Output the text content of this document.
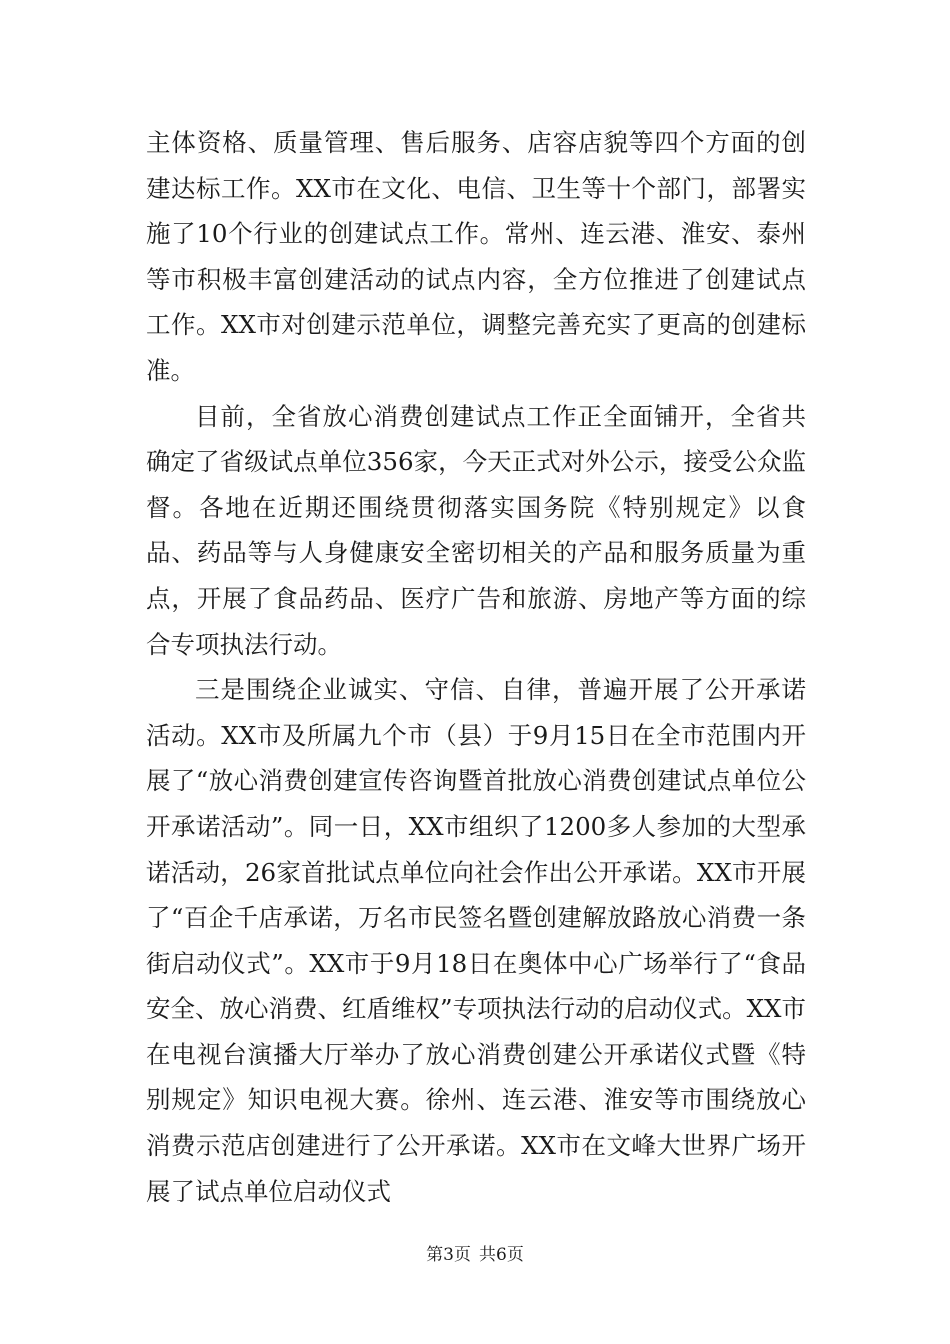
主体资格、质量管理、售后服务、店容店貌等四个方面的创建达标工作。XX市在文化、电信、卫生等十个部门，部署实施了10个行业的创建试点工作。常州、连云港、淮安、泰州等市积极丰富创建活动的试点内容，全方位推进了创建试点工作。XX市对创建示范单位，调整完善充实了更高的创建标准。

目前，全省放心消费创建试点工作正全面铺开，全省共确定了省级试点单位356家，今天正式对外公示，接受公众监督。各地在近期还围绕贯彻落实国务院《特别规定》以食品、药品等与人身健康安全密切相关的产品和服务质量为重点，开展了食品药品、医疗广告和旅游、房地产等方面的综合专项执法行动。

三是围绕企业诚实、守信、自律，普遍开展了公开承诺活动。XX市及所属九个市（县）于9月15日在全市范围内开展了“放心消费创建宣传咨询暨首批放心消费创建试点单位公开承诺活动”。同一日，XX市组织了1200多人参加的大型承诺活动，26家首批试点单位向社会作出公开承诺。XX市开展了“百企千店承诺，万名市民签名暨创建解放路放心消费一条街启动仪式”。XX市于9月18日在奥体中心广场举行了“食品安全、放心消费、红盾维权”专项执法行动的启动仪式。XX市在电视台演播大厅举办了放心消费创建公开承诺仪式暨《特别规定》知识电视大赛。徐州、连云港、淮安等市围绕放心消费示范店创建进行了公开承诺。XX市在文峰大世界广场开展了试点单位启动仪式

第3页 共6页
